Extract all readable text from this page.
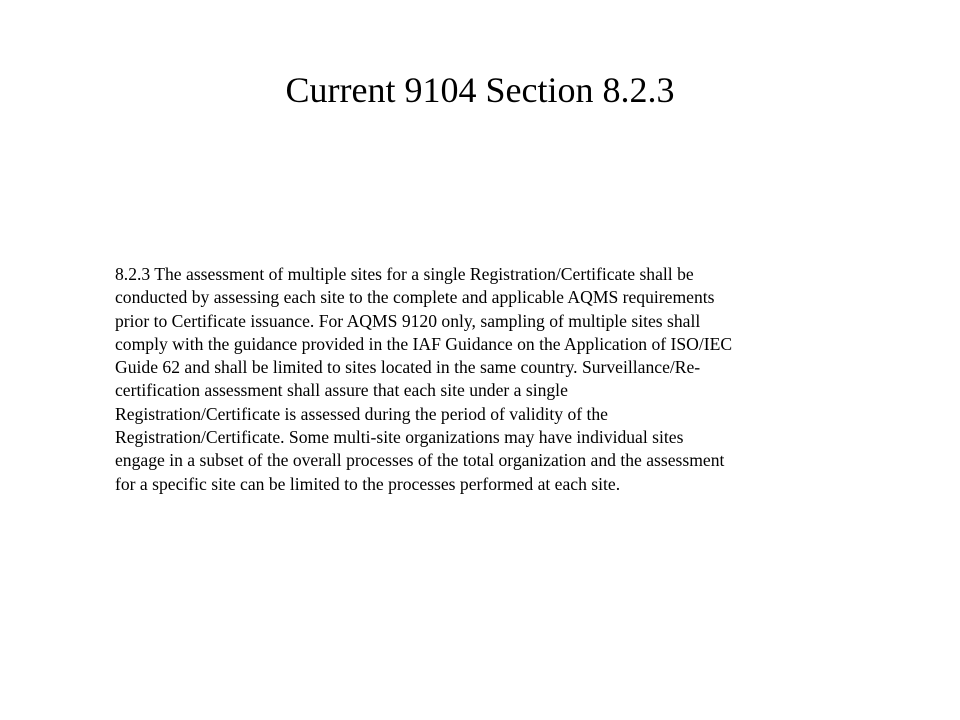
Current 9104 Section 8.2.3
8.2.3 The assessment of multiple sites for a single Registration/Certificate shall be
conducted by assessing each site to the complete and applicable AQMS requirements
prior to Certificate issuance. For AQMS 9120 only, sampling of multiple sites shall
comply with the guidance provided in the IAF Guidance on the Application of ISO/IEC
Guide 62 and shall be limited to sites located in the same country. Surveillance/Re-
certification assessment shall assure that each site under a single
Registration/Certificate is assessed during the period of validity of the
Registration/Certificate. Some multi-site organizations may have individual sites
engage in a subset of the overall processes of the total organization and the assessment
for a specific site can be limited to the processes performed at each site.
